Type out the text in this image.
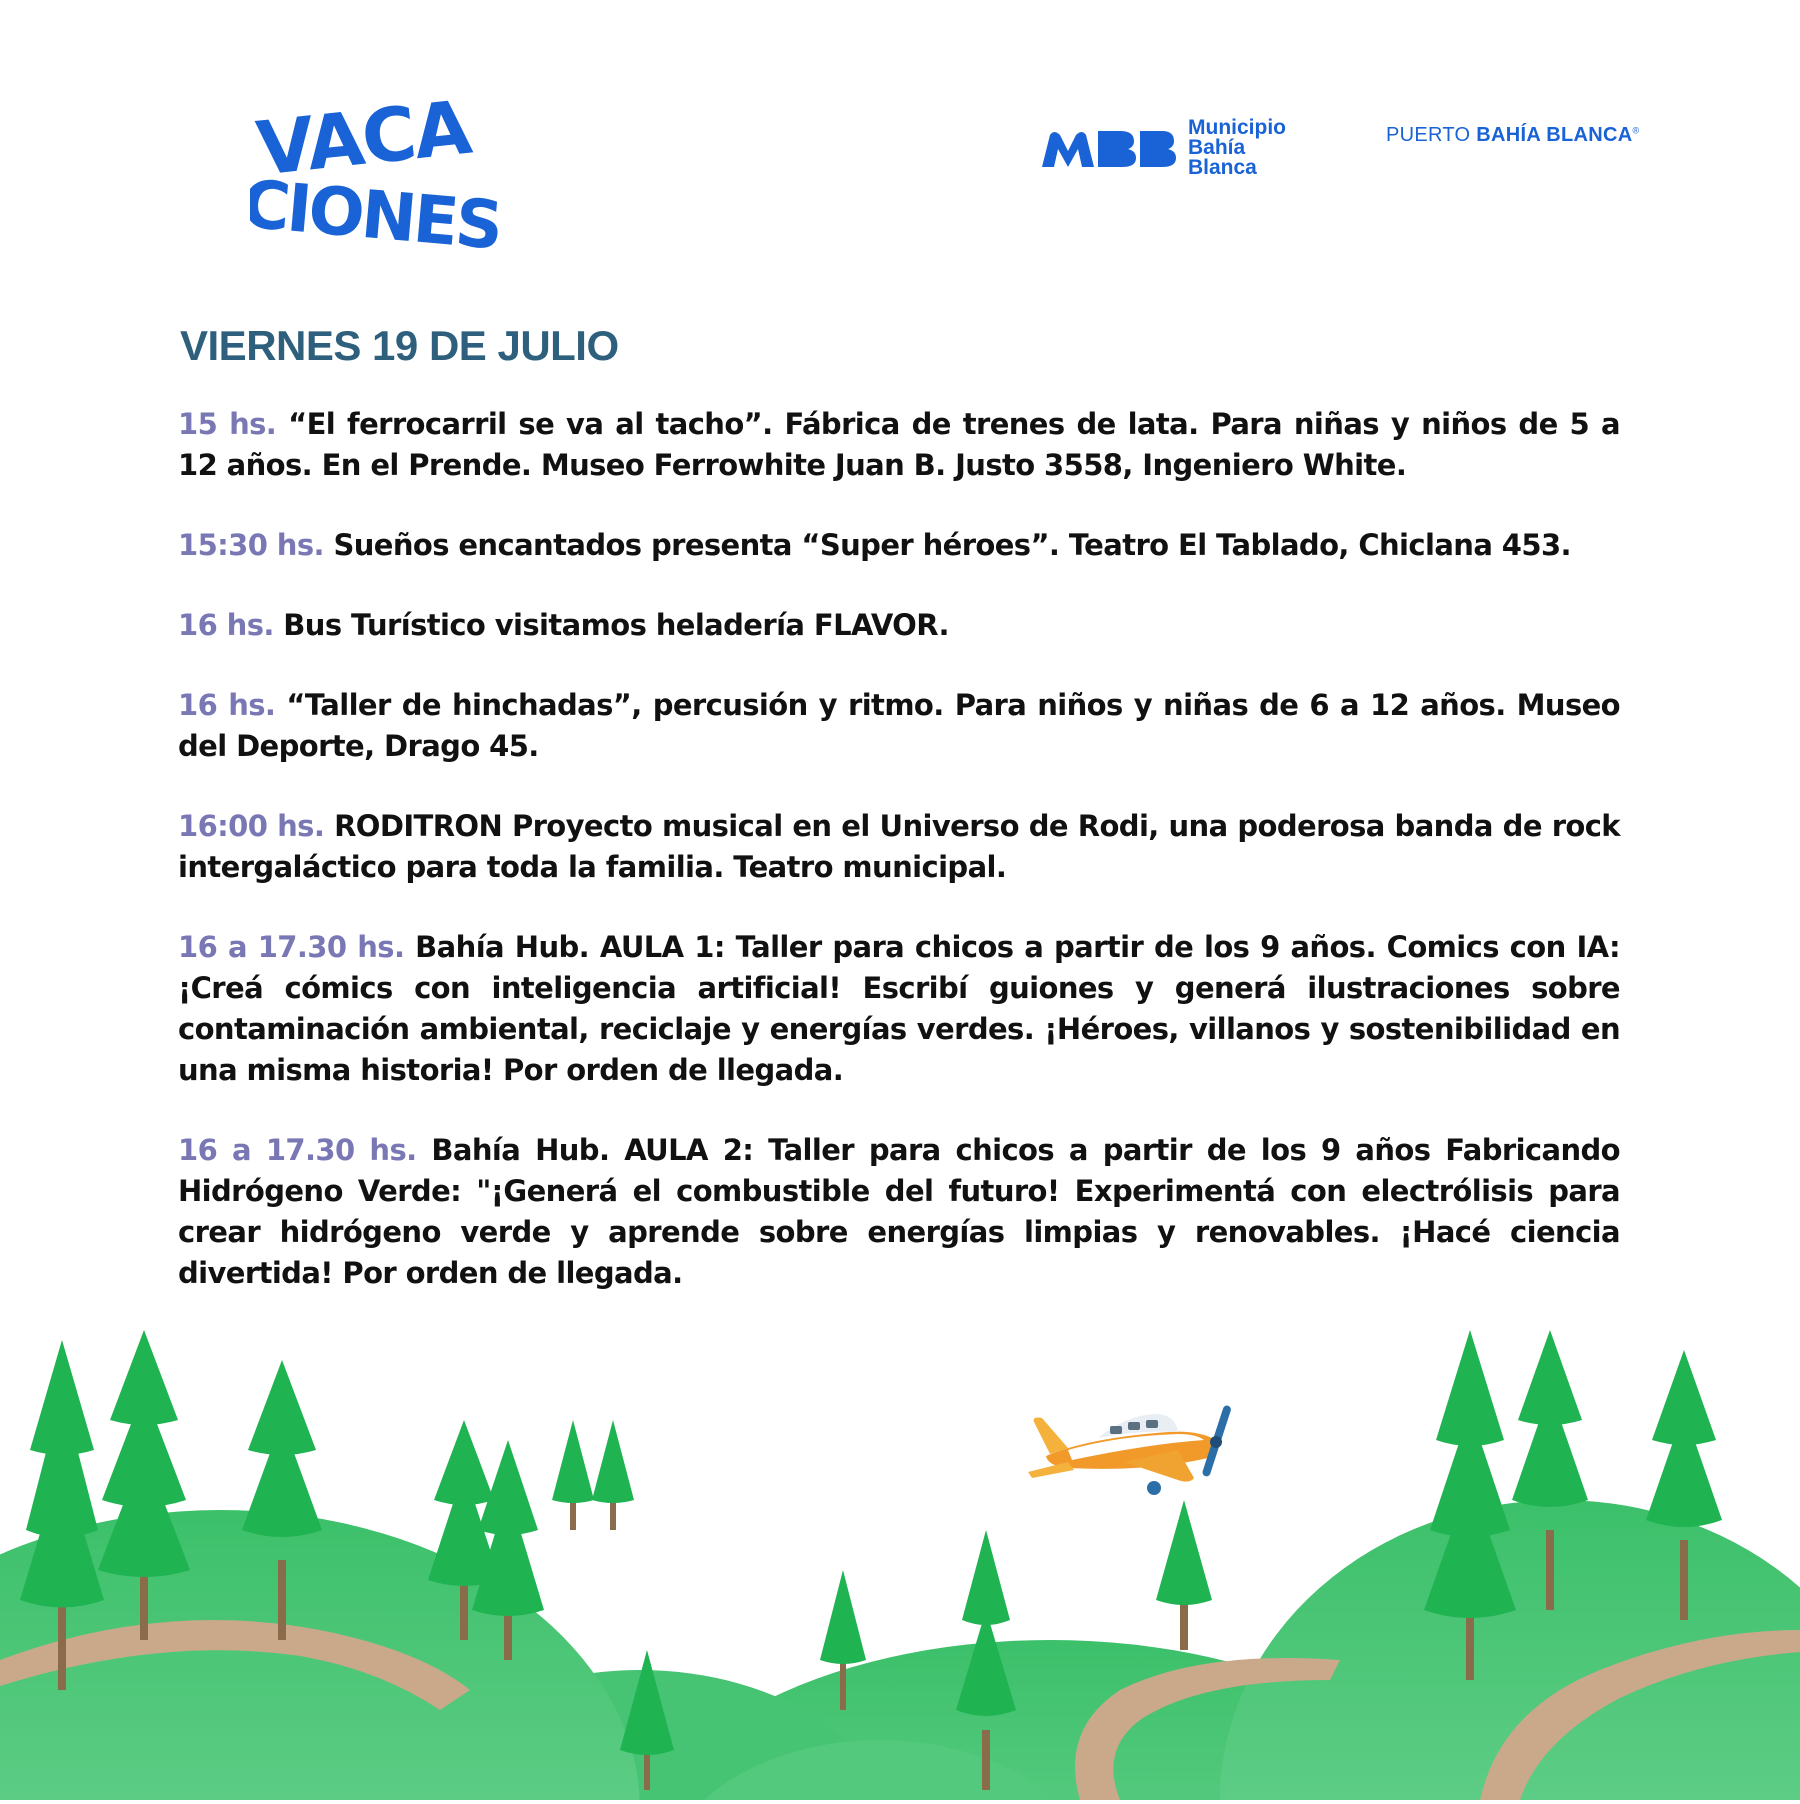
VACA
CIONES
Municipio
Bahía
Blanca
PUERTO BAHÍA BLANCA®
VIERNES 19 DE JULIO

15 hs. “El ferrocarril se va al tacho”. Fábrica de trenes de lata. Para niñas y niños de 5 a 12 años. En el Prende. Museo Ferrowhite Juan B. Justo 3558, Ingeniero White.

15:30 hs. Sueños encantados presenta “Super héroes”. Teatro El Tablado, Chiclana 453.

16 hs. Bus Turístico visitamos heladería FLAVOR.

16 hs. “Taller de hinchadas”, percusión y ritmo. Para niños y niñas de 6 a 12 años. Museo del Deporte, Drago 45.

16:00 hs. RODITRON Proyecto musical en el Universo de Rodi, una poderosa banda de rock intergaláctico para toda la familia. Teatro municipal.

16 a 17.30 hs. Bahía Hub. AULA 1: Taller para chicos a partir de los 9 años. Comics con IA: ¡Creá cómics con inteligencia artificial! Escribí guiones y generá ilustraciones sobre contaminación ambiental, reciclaje y energías verdes. ¡Héroes, villanos y sostenibilidad en una misma historia! Por orden de llegada.

16 a 17.30 hs. Bahía Hub. AULA 2: Taller para chicos a partir de los 9 años Fabricando Hidrógeno Verde: "¡Generá el combustible del futuro! Experimentá con electrólisis para crear hidrógeno verde y aprende sobre energías limpias y renovables. ¡Hacé ciencia divertida! Por orden de llegada.
